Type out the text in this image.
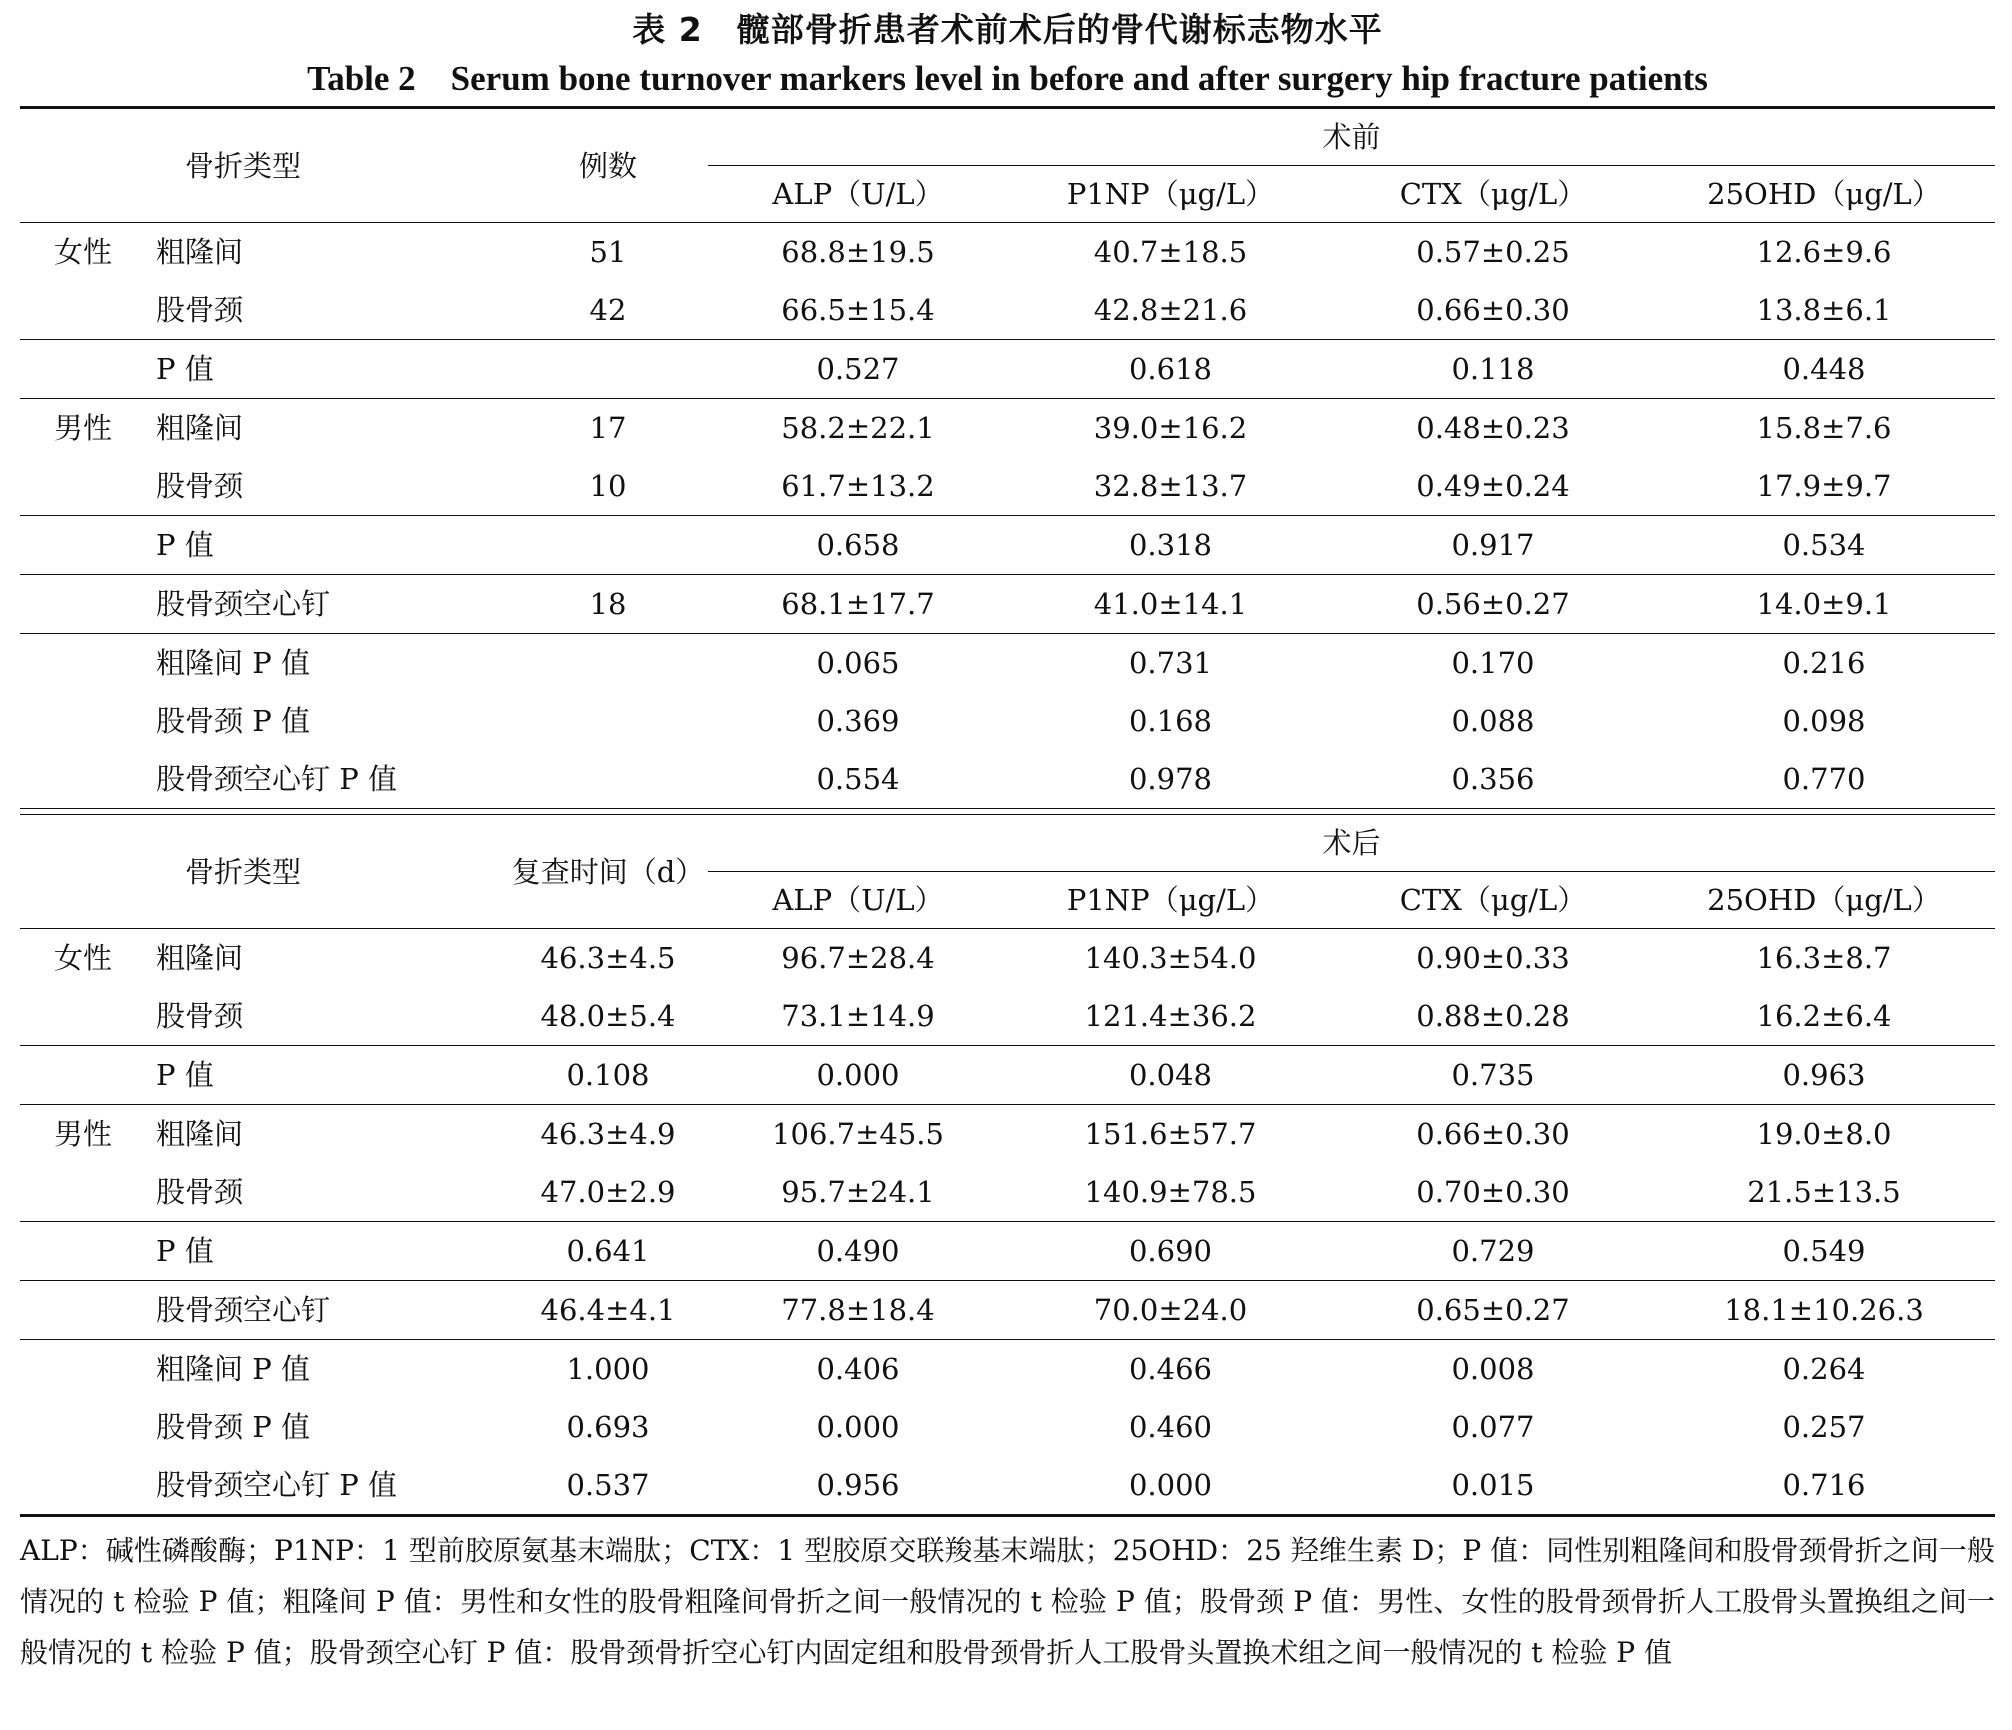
表 2　髋部骨折患者术前术后的骨代谢标志物水平
Table 2　Serum bone turnover markers level in before and after surgery hip fracture patients
骨折类型		例数	术前			
			ALP（U/L）	P1NP（μg/L）	CTX（μg/L）	25OHD（μg/L）
女性	粗隆间	51	68.8±19.5	40.7±18.5	0.57±0.25	12.6±9.6
	股骨颈	42	66.5±15.4	42.8±21.6	0.66±0.30	13.8±6.1
	P 值		0.527	0.618	0.118	0.448
男性	粗隆间	17	58.2±22.1	39.0±16.2	0.48±0.23	15.8±7.6
	股骨颈	10	61.7±13.2	32.8±13.7	0.49±0.24	17.9±9.7
	P 值		0.658	0.318	0.917	0.534
	股骨颈空心钉	18	68.1±17.7	41.0±14.1	0.56±0.27	14.0±9.1
	粗隆间 P 值		0.065	0.731	0.170	0.216
	股骨颈 P 值		0.369	0.168	0.088	0.098
	股骨颈空心钉 P 值		0.554	0.978	0.356	0.770

骨折类型		复查时间（d）	术后			
			ALP（U/L）	P1NP（μg/L）	CTX（μg/L）	25OHD（μg/L）
女性	粗隆间	46.3±4.5	96.7±28.4	140.3±54.0	0.90±0.33	16.3±8.7
	股骨颈	48.0±5.4	73.1±14.9	121.4±36.2	0.88±0.28	16.2±6.4
	P 值	0.108	0.000	0.048	0.735	0.963
男性	粗隆间	46.3±4.9	106.7±45.5	151.6±57.7	0.66±0.30	19.0±8.0
	股骨颈	47.0±2.9	95.7±24.1	140.9±78.5	0.70±0.30	21.5±13.5
	P 值	0.641	0.490	0.690	0.729	0.549
	股骨颈空心钉	46.4±4.1	77.8±18.4	70.0±24.0	0.65±0.27	18.1±10.26.3
	粗隆间 P 值	1.000	0.406	0.466	0.008	0.264
	股骨颈 P 值	0.693	0.000	0.460	0.077	0.257
	股骨颈空心钉 P 值	0.537	0.956	0.000	0.015	0.716
ALP：碱性磷酸酶；P1NP：1 型前胶原氨基末端肽；CTX：1 型胶原交联羧基末端肽；25OHD：25 羟维生素 D；P 值：同性别粗隆间和股骨颈骨折之间一般情况的 t 检验 P 值；粗隆间 P 值：男性和女性的股骨粗隆间骨折之间一般情况的 t 检验 P 值；股骨颈 P 值：男性、女性的股骨颈骨折人工股骨头置换组之间一般情况的 t 检验 P 值；股骨颈空心钉 P 值：股骨颈骨折空心钉内固定组和股骨颈骨折人工股骨头置换术组之间一般情况的 t 检验 P 值
